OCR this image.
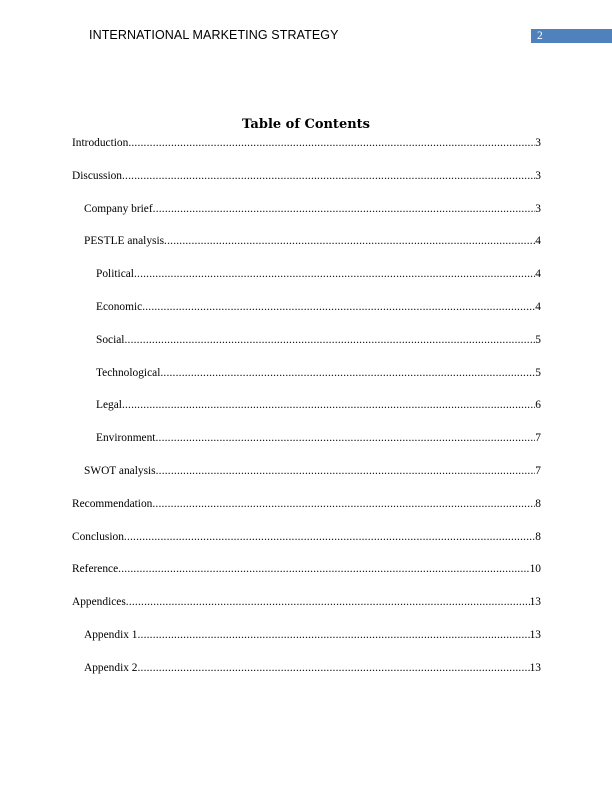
INTERNATIONAL MARKETING STRATEGY	2
Table of Contents
Introduction .....	3
Discussion .....	3
Company brief .....	3
PESTLE analysis .....	4
Political .....	4
Economic .....	4
Social .....	5
Technological .....	5
Legal .....	6
Environment .....	7
SWOT analysis .....	7
Recommendation .....	8
Conclusion .....	8
Reference .....	10
Appendices .....	13
Appendix 1 .....	13
Appendix 2 .....	13
